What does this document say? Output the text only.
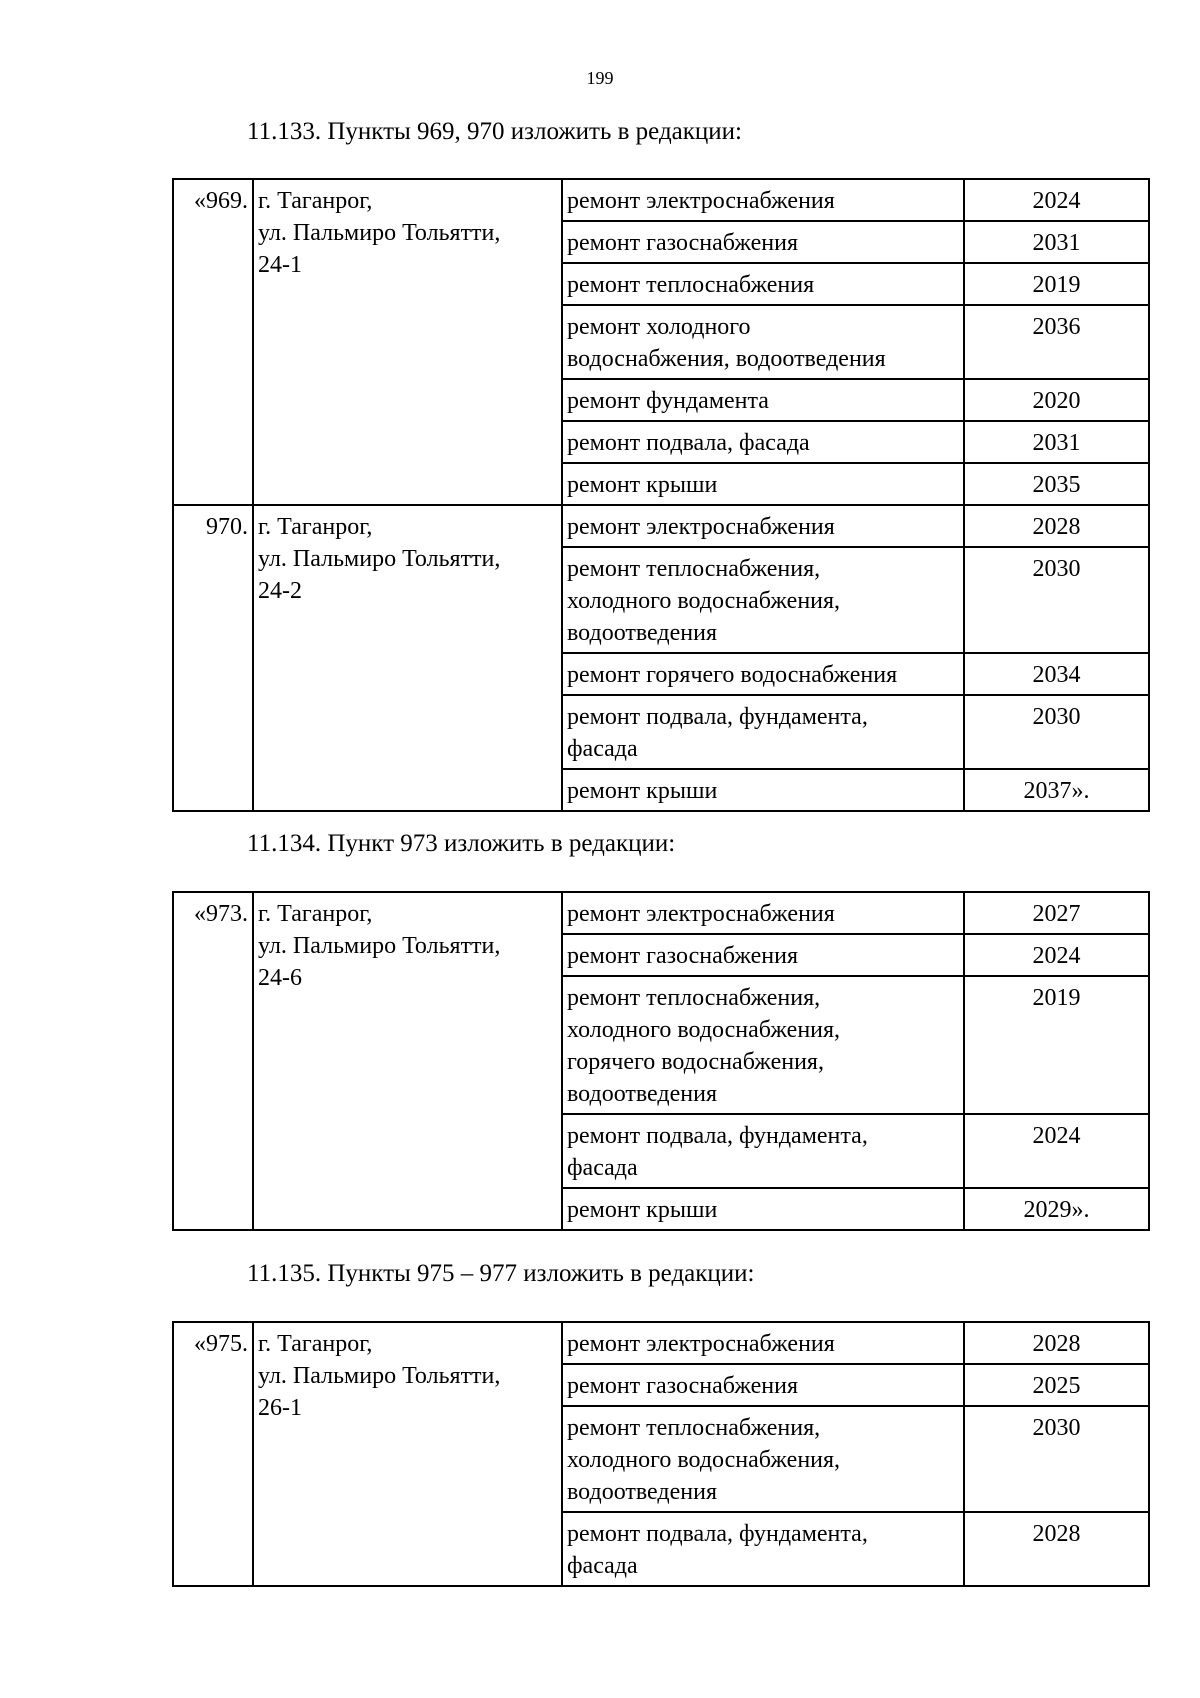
199
11.133. Пункты 969, 970 изложить в редакции:
«969.	г. Таганрог,
ул. Пальмиро Тольятти,
24-1	ремонт электроснабжения	2024
		ремонт газоснабжения	2031
		ремонт теплоснабжения	2019
		ремонт холодного
водоснабжения, водоотведения	2036
		ремонт фундамента	2020
		ремонт подвала, фасада	2031
		ремонт крыши	2035
970.	г. Таганрог,
ул. Пальмиро Тольятти,
24-2	ремонт электроснабжения	2028
		ремонт теплоснабжения,
холодного водоснабжения,
водоотведения	2030
		ремонт горячего водоснабжения	2034
		ремонт подвала, фундамента,
фасада	2030
		ремонт крыши	2037».
11.134. Пункт 973 изложить в редакции:
«973.	г. Таганрог,
ул. Пальмиро Тольятти,
24-6	ремонт электроснабжения	2027
		ремонт газоснабжения	2024
		ремонт теплоснабжения,
холодного водоснабжения,
горячего водоснабжения,
водоотведения	2019
		ремонт подвала, фундамента,
фасада	2024
		ремонт крыши	2029».
11.135. Пункты 975 – 977 изложить в редакции:
«975.	г. Таганрог,
ул. Пальмиро Тольятти,
26-1	ремонт электроснабжения	2028
		ремонт газоснабжения	2025
		ремонт теплоснабжения,
холодного водоснабжения,
водоотведения	2030
		ремонт подвала, фундамента,
фасада	2028
